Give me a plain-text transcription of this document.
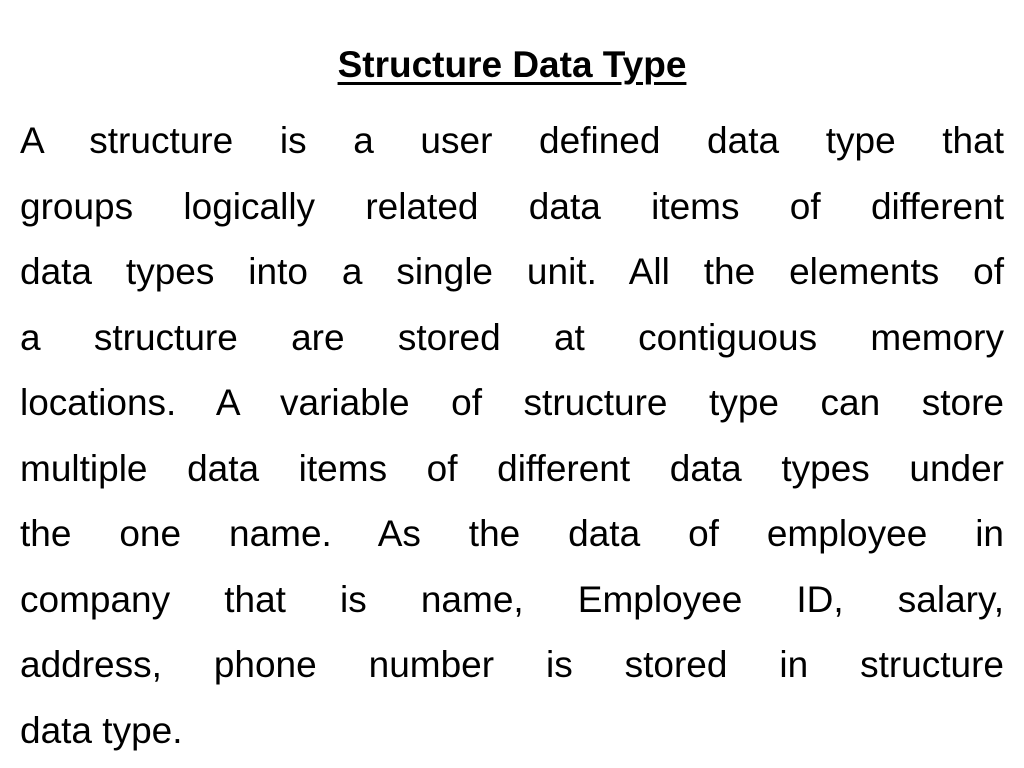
Structure Data Type
A structure is a user defined data type that
groups logically related data items of different
data types into a single unit. All the elements of
a structure are stored at contiguous memory
locations. A variable of structure type can store
multiple data items of different data types under
the one name. As the data of employee in
company that is name, Employee ID, salary,
address, phone number is stored in structure
data type.
